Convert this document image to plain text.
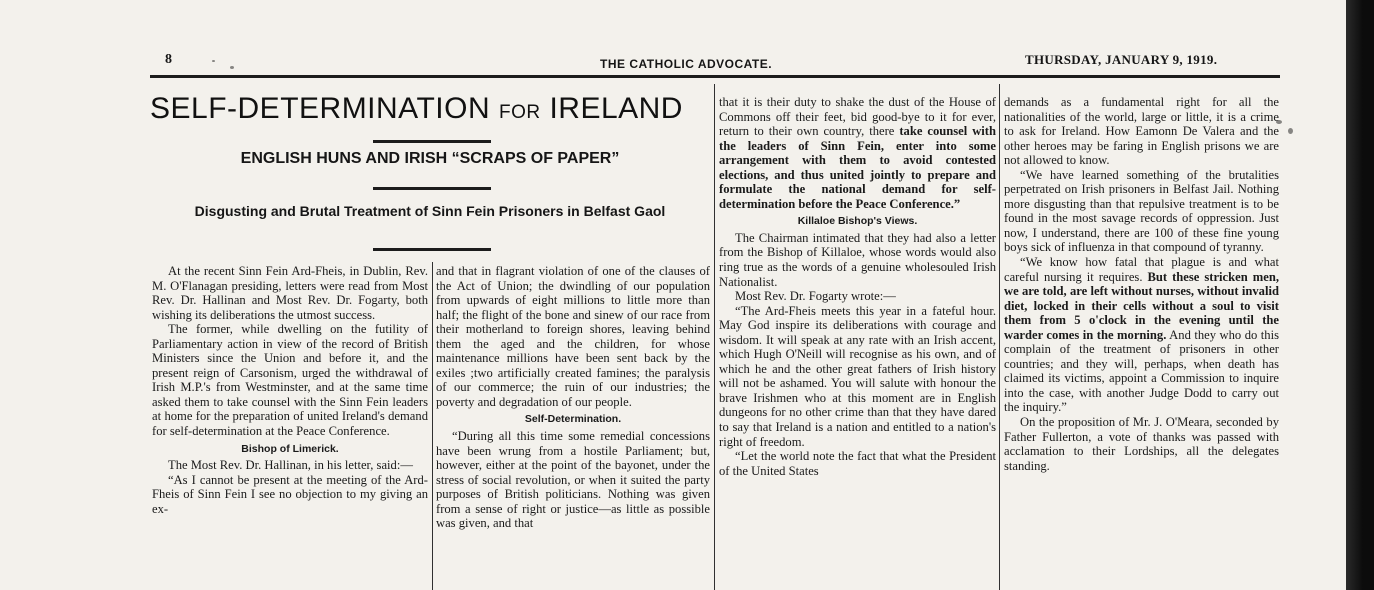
8	THE CATHOLIC ADVOCATE.	THURSDAY, JANUARY 9, 1919.
SELF-DETERMINATION FOR IRELAND
ENGLISH HUNS AND IRISH “SCRAPS OF PAPER”
Disgusting and Brutal Treatment of Sinn Fein Prisoners in Belfast Gaol

At the recent Sinn Fein Ard-Fheis, in Dublin, Rev. M. O'Flanagan presiding, letters were read from Most Rev. Dr. Hallinan and Most Rev. Dr. Fogarty, both wishing its deliberations the utmost success.

The former, while dwelling on the futility of Parliamentary action in view of the record of British Ministers since the Union and before it, and the present reign of Carsonism, urged the withdrawal of Irish M.P.'s from Westminster, and at the same time asked them to take counsel with the Sinn Fein leaders at home for the preparation of united Ireland's demand for self-determination at the Peace Conference.

Bishop of Limerick.

The Most Rev. Dr. Hallinan, in his letter, said:—

“As I cannot be present at the meeting of the Ard-Fheis of Sinn Fein I see no objection to my giving an ex-

and that in flagrant violation of one of the clauses of the Act of Union; the dwindling of our population from upwards of eight millions to little more than half; the flight of the bone and sinew of our race from their motherland to foreign shores, leaving behind them the aged and the children, for whose maintenance millions have been sent back by the exiles ;two artificially created famines; the paralysis of our commerce; the ruin of our industries; the poverty and degradation of our people.

Self-Determination.

“During all this time some remedial concessions have been wrung from a hostile Parliament; but, however, either at the point of the bayonet, under the stress of social revolution, or when it suited the party purposes of British politicians. Nothing was given from a sense of right or justice—as little as possible was given, and that

that it is their duty to shake the dust of the House of Commons off their feet, bid good-bye to it for ever, return to their own country, there take counsel with the leaders of Sinn Fein, enter into some arrangement with them to avoid contested elections, and thus united jointly to prepare and formulate the national demand for self-determination before the Peace Conference.”

Killaloe Bishop's Views.

The Chairman intimated that they had also a letter from the Bishop of Killaloe, whose words would also ring true as the words of a genuine wholesouled Irish Nationalist.

Most Rev. Dr. Fogarty wrote:—

“The Ard-Fheis meets this year in a fateful hour. May God inspire its deliberations with courage and wisdom. It will speak at any rate with an Irish accent, which Hugh O'Neill will recognise as his own, and of which he and the other great fathers of Irish history will not be ashamed. You will salute with honour the brave Irishmen who at this moment are in English dungeons for no other crime than that they have dared to say that Ireland is a nation and entitled to a nation's right of freedom.

“Let the world note the fact that what the President of the United States

demands as a fundamental right for all the nationalities of the world, large or little, it is a crime to ask for Ireland. How Eamonn De Valera and the other heroes may be faring in English prisons we are not allowed to know.

“We have learned something of the brutalities perpetrated on Irish prisoners in Belfast Jail. Nothing more disgusting than that repulsive treatment is to be found in the most savage records of oppression. Just now, I understand, there are 100 of these fine young boys sick of influenza in that compound of tyranny.

“We know how fatal that plague is and what careful nursing it requires. But these stricken men, we are told, are left without nurses, without invalid diet, locked in their cells without a soul to visit them from 5 o'clock in the evening until the warder comes in the morning. And they who do this complain of the treatment of prisoners in other countries; and they will, perhaps, when death has claimed its victims, appoint a Commission to inquire into the case, with another Judge Dodd to carry out the inquiry.”

On the proposition of Mr. J. O'Meara, seconded by Father Fullerton, a vote of thanks was passed with acclamation to their Lordships, all the delegates standing.
